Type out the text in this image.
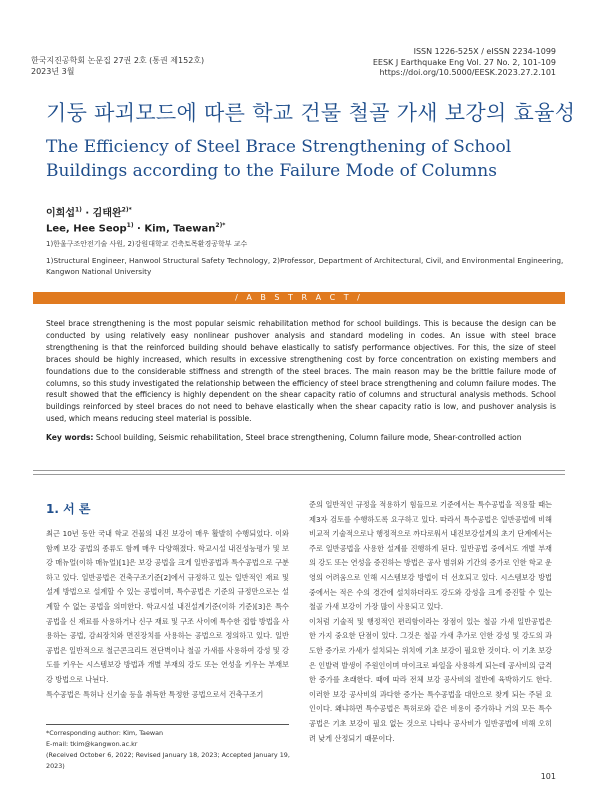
한국지진공학회 논문집 27권 2호 (통권 제152호)
2023년 3월
ISSN 1226-525X / eISSN 2234-1099
EESK J Earthquake Eng Vol. 27 No. 2, 101-109
https://doi.org/10.5000/EESK.2023.27.2.101
기둥 파괴모드에 따른 학교 건물 철골 가새 보강의 효율성
The Efficiency of Steel Brace Strengthening of School Buildings according to the Failure Mode of Columns
이희섭$^{1)}$ · 김태완$^{2)*}$
Lee, Hee Seop$^{1)}$ · Kim, Taewan$^{2)*}$
1)한울구조안전기술 사원, 2)강원대학교 건축토목환경공학부 교수
1)Structural Engineer, Hanwool Structural Safety Technology, 2)Professor, Department of Architectural, Civil, and Environmental Engineering, Kangwon National University
/ A B S T R A C T /
Steel brace strengthening is the most popular seismic rehabilitation method for school buildings. This is because the design can be conducted by using relatively easy nonlinear pushover analysis and standard modeling in codes. An issue with steel brace strengthening is that the reinforced building should behave elastically to satisfy performance objectives. For this, the size of steel braces should be highly increased, which results in excessive strengthening cost by force concentration on existing members and foundations due to the considerable stiffness and strength of the steel braces. The main reason may be the brittle failure mode of columns, so this study investigated the relationship between the efficiency of steel brace strengthening and column failure modes. The result showed that the efficiency is highly dependent on the shear capacity ratio of columns and structural analysis methods. School buildings reinforced by steel braces do not need to behave elastically when the shear capacity ratio is low, and pushover analysis is used, which means reducing steel material is possible.
Key words: School building, Seismic rehabilitation, Steel brace strengthening, Column failure mode, Shear-controlled action
1. 서 론
최근 10년 동안 국내 학교 건물의 내진 보강이 매우 활발히 수행되었다. 이와 함께 보강 공법의 종류도 함께 매우 다양해졌다. 학교시설 내진성능평가 및 보강 매뉴얼(이하 매뉴얼)[1]은 보강 공법을 크게 일반공법과 특수공법으로 구분하고 있다. 일반공법은 건축구조기준[2]에서 규정하고 있는 일반적인 재료 및 설계 방법으로 설계할 수 있는 공법이며, 특수공법은 기준의 규정만으로는 설계할 수 없는 공법을 의미한다. 학교시설 내진설계기준(이하 기준)[3]은 특수공법을 신 재료를 사용하거나 신구 재료 및 구조 사이에 특수한 접합 방법을 사용하는 공법, 감쇠장치와 면진장치를 사용하는 공법으로 정의하고 있다. 일반공법은 일반적으로 철근콘크리트 전단벽이나 철골 가새를 사용하여 강성 및 강도를 키우는 시스템보강 방법과 개별 부재의 강도 또는 연성을 키우는 부재보강 방법으로 나뉜다.
특수공법은 특허나 신기술 등을 취득한 특정한 공법으로서 건축구조기
준의 일반적인 규정을 적용하기 힘들므로 기준에서는 특수공법을 적용할 때는 제3자 검토를 수행하도록 요구하고 있다. 따라서 특수공법은 일반공법에 비해 비교적 기술적으로나 행정적으로 까다로워서 내진보강설계의 초기 단계에서는 주로 일반공법을 사용한 설계를 진행하게 된다. 일반공법 중에서도 개별 부재의 강도 또는 연성을 증진하는 방법은 공사 범위와 기간의 증가로 인한 학교 운영의 어려움으로 인해 시스템보강 방법이 더 선호되고 있다. 시스템보강 방법 중에서는 적은 수의 경간에 설치하더라도 강도와 강성을 크게 증진할 수 있는 철골 가새 보강이 가장 많이 사용되고 있다.
이처럼 기술적 및 행정적인 편리함이라는 장점이 있는 철골 가새 일반공법은 한 가지 중요한 단점이 있다. 그것은 철골 가새 추가로 인한 강성 및 강도의 과도한 증가로 가새가 설치되는 위치에 기초 보강이 필요한 것이다. 이 기초 보강은 인발력 발생이 주원인이며 마이크로 파일을 사용하게 되는데 공사비의 급격한 증가를 초래한다. 때에 따라 전체 보강 공사비의 절반에 육박하기도 한다. 이러한 보강 공사비의 과다한 증가는 특수공법을 대안으로 찾게 되는 주된 요인이다. 왜냐하면 특수공법은 특허로와 같은 비용이 증가하나 거의 모든 특수공법은 기초 보강이 필요 없는 것으로 나타나 공사비가 일반공법에 비해 오히려 낮게 산정되기 때문이다.
*Corresponding author: Kim, Taewan
E-mail: tkim@kangwon.ac.kr
(Received October 6, 2022; Revised January 18, 2023; Accepted January 19, 2023)
101
